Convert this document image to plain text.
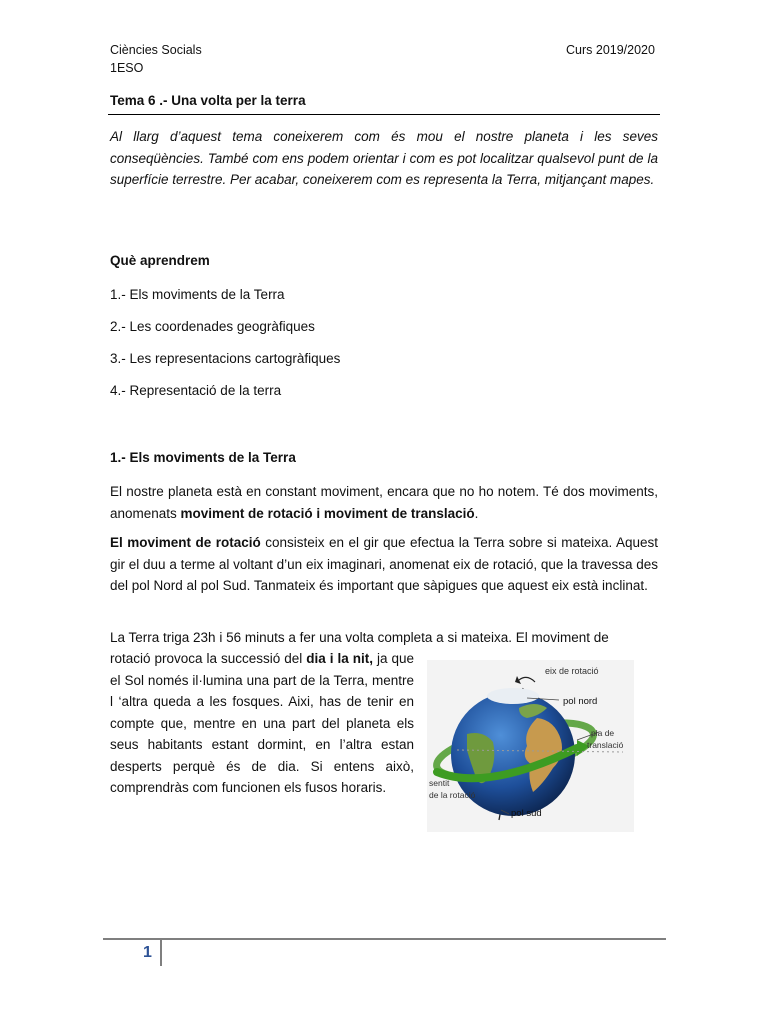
Ciències Socials
1ESO
Curs 2019/2020
Tema 6 .- Una volta per la terra
Al llarg d’aquest tema coneixerem com és mou el nostre planeta i les seves conseqüències. També com ens podem orientar i com es pot localitzar qualsevol punt de la superfície terrestre. Per acabar, coneixerem com es representa la Terra, mitjançant mapes.
Què aprendrem
1.- Els moviments de la Terra
2.- Les coordenades geogràfiques
3.- Les representacions cartogràfiques
4.- Representació de la terra
1.- Els moviments de la Terra
El nostre planeta està en constant moviment, encara que no ho notem. Té dos moviments, anomenats moviment de rotació i moviment de translació.
El moviment de rotació consisteix en el gir que efectua la Terra sobre si mateixa. Aquest gir el duu a terme al voltant d’un eix imaginari, anomenat eix de rotació, que la travessa des del pol Nord al pol Sud. Tanmateix és important que sàpigues que aquest eix està inclinat.
La Terra triga 23h i 56 minuts a fer una volta completa a si mateixa. El moviment de
rotació provoca la successió del dia i la nit, ja que el Sol només il·lumina una part de la Terra, mentre l ‘altra queda a les fosques. Aixi, has de tenir en compte que, mentre en una part del planeta els seus habitants estant dormint, en l’altra estan desperts perquè és de dia. Si entens això, comprendràs com funcionen els fusos horaris.
eix de rotació
pol nord
pla de
translació
sentit
de la rotació
pol sud
1
